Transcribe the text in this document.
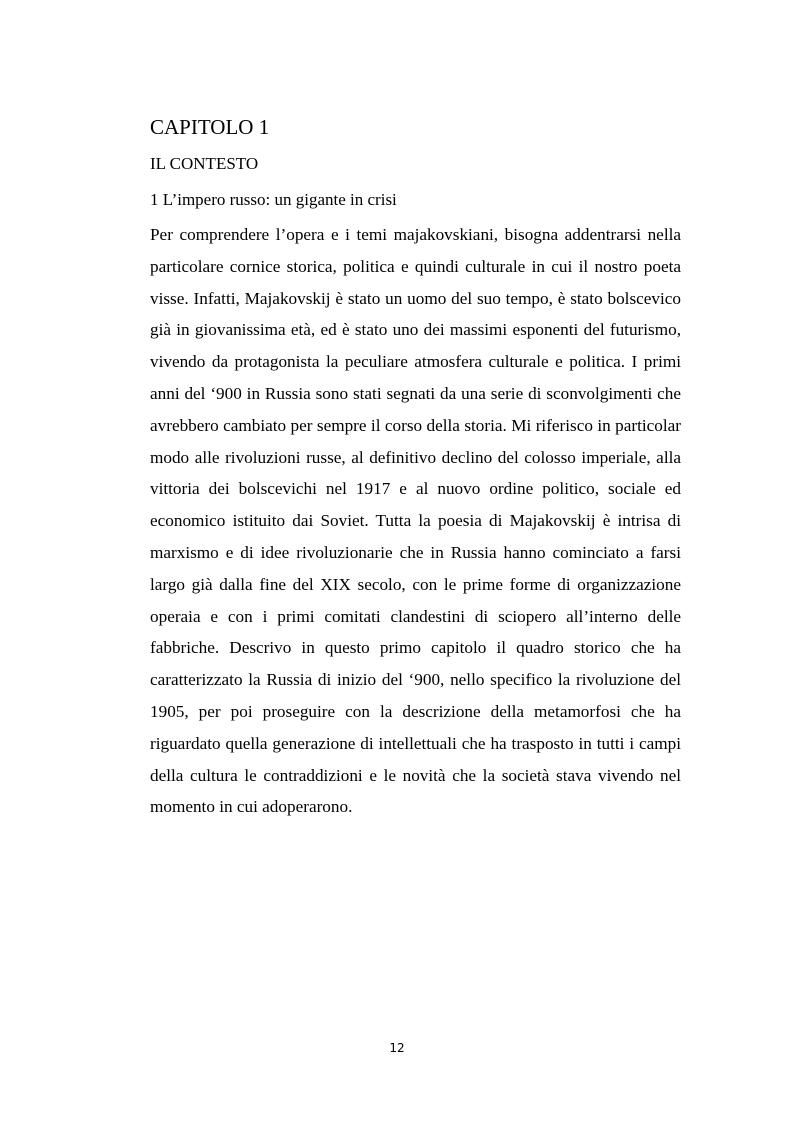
CAPITOLO 1
IL CONTESTO
1 L’impero russo: un gigante in crisi

Per comprendere l’opera e i temi majakovskiani, bisogna addentrarsi nella particolare cornice storica, politica e quindi culturale in cui il nostro poeta visse. Infatti, Majakovskij è stato un uomo del suo tempo, è stato bolscevico già in giovanissima età, ed è stato uno dei massimi esponenti del futurismo, vivendo da protagonista la peculiare atmosfera culturale e politica. I primi anni del ‘900 in Russia sono stati segnati da una serie di sconvolgimenti che avrebbero cambiato per sempre il corso della storia. Mi riferisco in particolar modo alle rivoluzioni russe, al definitivo declino del colosso imperiale, alla vittoria dei bolscevichi nel 1917 e al nuovo ordine politico, sociale ed economico istituito dai Soviet. Tutta la poesia di Majakovskij è intrisa di marxismo e di idee rivoluzionarie che in Russia hanno cominciato a farsi largo già dalla fine del XIX secolo, con le prime forme di organizzazione operaia e con i primi comitati clandestini di sciopero all’interno delle fabbriche. Descrivo in questo primo capitolo il quadro storico che ha caratterizzato la Russia di inizio del ‘900, nello specifico la rivoluzione del 1905, per poi proseguire con la descrizione della metamorfosi che ha riguardato quella generazione di intellettuali che ha trasposto in tutti i campi della cultura le contraddizioni e le novità che la società stava vivendo nel momento in cui adoperarono.

12
